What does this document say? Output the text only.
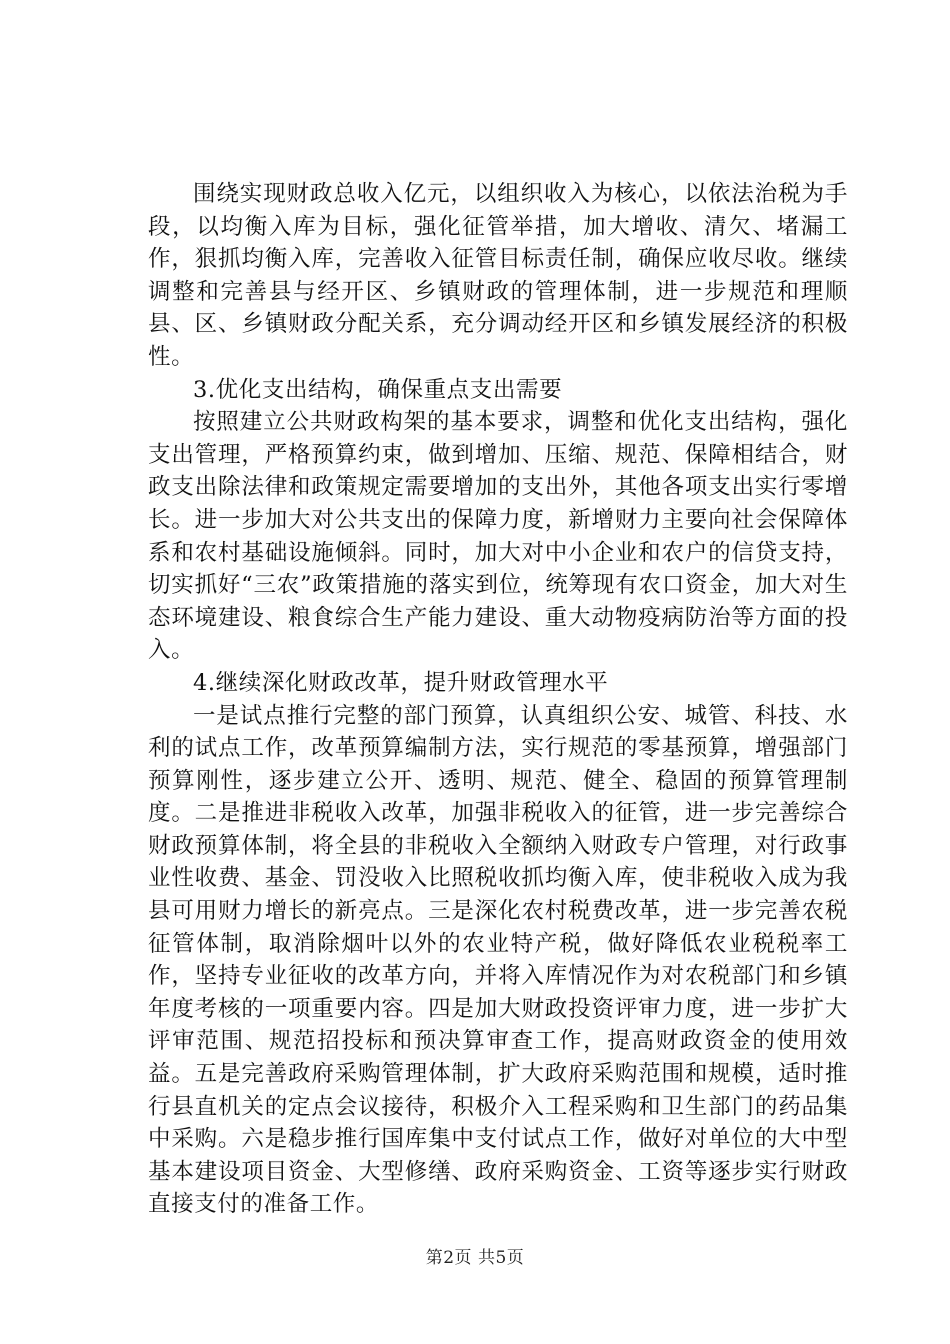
围绕实现财政总收入亿元，以组织收入为核心，以依法治税为手段，以均衡入库为目标，强化征管举措，加大增收、清欠、堵漏工作，狠抓均衡入库，完善收入征管目标责任制，确保应收尽收。继续调整和完善县与经开区、乡镇财政的管理体制，进一步规范和理顺县、区、乡镇财政分配关系，充分调动经开区和乡镇发展经济的积极性。

3.优化支出结构，确保重点支出需要

按照建立公共财政构架的基本要求，调整和优化支出结构，强化支出管理，严格预算约束，做到增加、压缩、规范、保障相结合，财政支出除法律和政策规定需要增加的支出外，其他各项支出实行零增长。进一步加大对公共支出的保障力度，新增财力主要向社会保障体系和农村基础设施倾斜。同时，加大对中小企业和农户的信贷支持，切实抓好“三农”政策措施的落实到位，统筹现有农口资金，加大对生态环境建设、粮食综合生产能力建设、重大动物疫病防治等方面的投入。

4.继续深化财政改革，提升财政管理水平

一是试点推行完整的部门预算，认真组织公安、城管、科技、水利的试点工作，改革预算编制方法，实行规范的零基预算，增强部门预算刚性，逐步建立公开、透明、规范、健全、稳固的预算管理制度。二是推进非税收入改革，加强非税收入的征管，进一步完善综合财政预算体制，将全县的非税收入全额纳入财政专户管理，对行政事业性收费、基金、罚没收入比照税收抓均衡入库，使非税收入成为我县可用财力增长的新亮点。三是深化农村税费改革，进一步完善农税征管体制，取消除烟叶以外的农业特产税，做好降低农业税税率工作，坚持专业征收的改革方向，并将入库情况作为对农税部门和乡镇年度考核的一项重要内容。四是加大财政投资评审力度，进一步扩大评审范围、规范招投标和预决算审查工作，提高财政资金的使用效益。五是完善政府采购管理体制，扩大政府采购范围和规模，适时推行县直机关的定点会议接待，积极介入工程采购和卫生部门的药品集中采购。六是稳步推行国库集中支付试点工作，做好对单位的大中型基本建设项目资金、大型修缮、政府采购资金、工资等逐步实行财政直接支付的准备工作。

第2页 共5页
